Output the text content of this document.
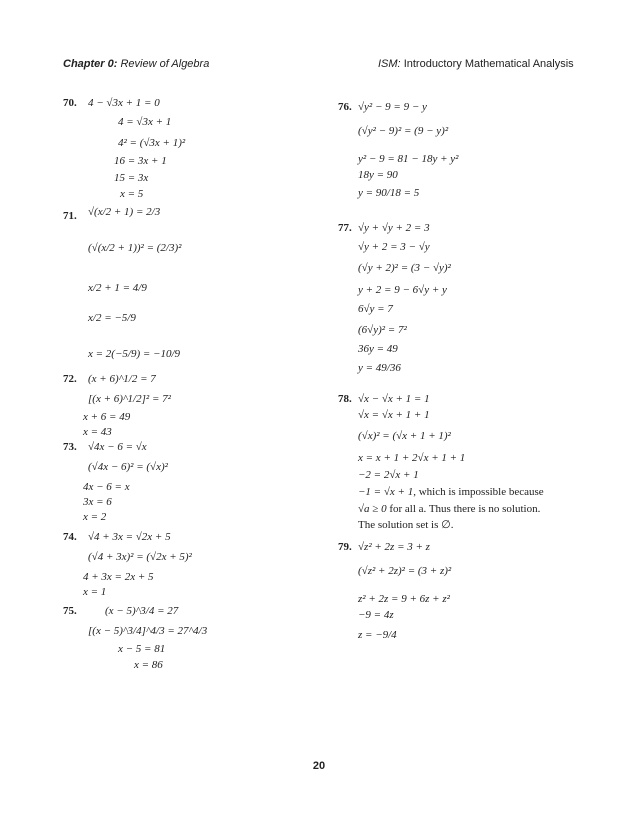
Chapter 0: Review of Algebra	ISM: Introductory Mathematical Analysis
70. 4 − √3x + 1 = 0
4 = √3x + 1
4² = (√3x + 1)²
16 = 3x + 1
15 = 3x
x = 5
71. √(x/2 + 1) = 2/3
(√(x/2 + 1))² = (2/3)²
x/2 + 1 = 4/9
x/2 = −5/9
x = 2(−5/9) = −10/9
72. (x + 6)^1/2 = 7
[(x + 6)^1/2]² = 7²
x + 6 = 49
x = 43
73. √4x − 6 = √x
(√4x − 6)² = (√x)²
4x − 6 = x
3x = 6
x = 2
74. √4 + 3x = √2x + 5
(√4 + 3x)² = (√2x + 5)²
4 + 3x = 2x + 5
x = 1
75.	(x − 5)^3/4 = 27
[(x − 5)^3/4]^4/3 = 27^4/3
x − 5 = 81
x = 86
76. √y² − 9 = 9 − y
(√y² − 9)² = (9 − y)²
y² − 9 = 81 − 18y + y²
18y = 90
y = 90/18 = 5
77. √y + √y + 2 = 3
√y + 2 = 3 − √y
(√y + 2)² = (3 − √y)²
y + 2 = 9 − 6√y + y
6√y = 7
(6√y)² = 7²
36y = 49
y = 49/36
78. √x − √x + 1 = 1
√x = √x + 1 + 1
(√x)² = (√x + 1 + 1)²
x = x + 1 + 2√x + 1 + 1
−2 = 2√x + 1
−1 = √x + 1, which is impossible because
√a ≥ 0 for all a. Thus there is no solution.
The solution set is ∅.
79. √z² + 2z = 3 + z
(√z² + 2z)² = (3 + z)²
z² + 2z = 9 + 6z + z²
−9 = 4z
z = −9/4
20
